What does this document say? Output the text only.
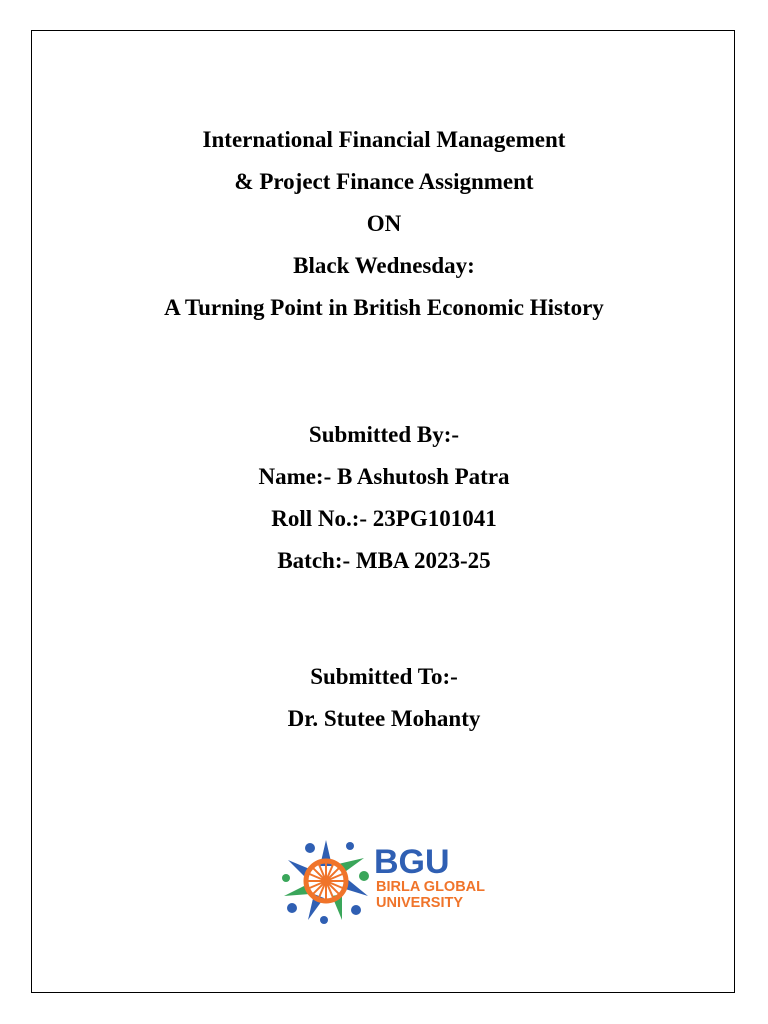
International Financial Management
& Project Finance Assignment
ON
Black Wednesday:
A Turning Point in British Economic History
Submitted By:-
Name:- B Ashutosh Patra
Roll No.:- 23PG101041
Batch:- MBA 2023-25
Submitted To:-
Dr. Stutee Mohanty
BGU
BIRLA GLOBAL
UNIVERSITY
